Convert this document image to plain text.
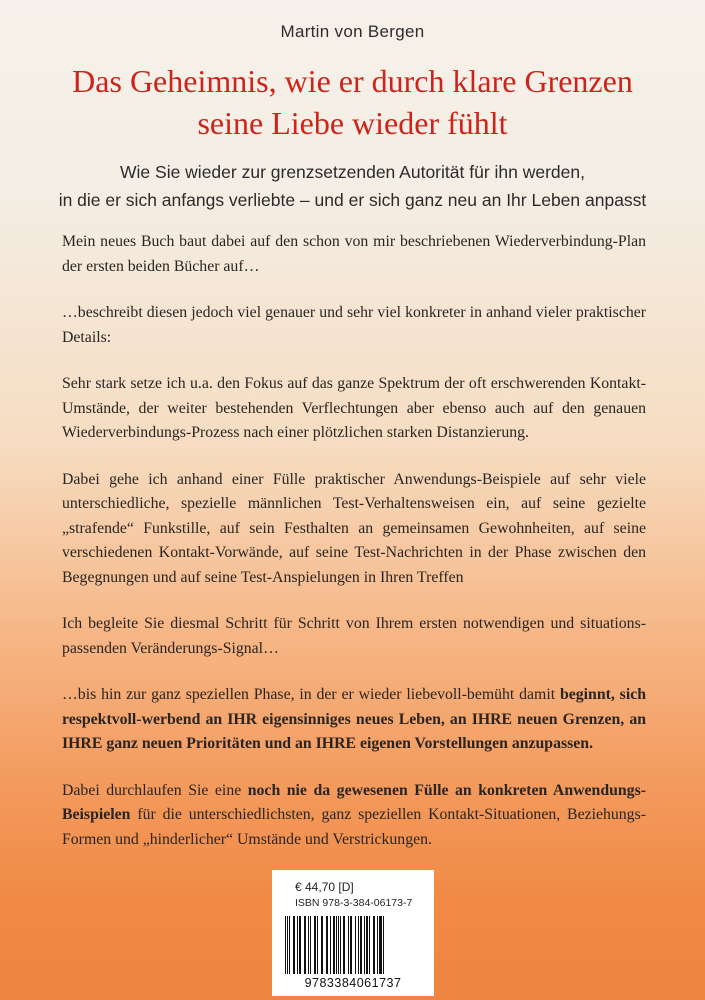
Martin von Bergen
Das Geheimnis, wie er durch klare Grenzen
seine Liebe wieder fühlt
Wie Sie wieder zur grenzsetzenden Autorität für ihn werden,
in die er sich anfangs verliebte – und er sich ganz neu an Ihr Leben anpasst

Mein neues Buch baut dabei auf den schon von mir beschriebenen Wiederverbindung-Plan der ersten beiden Bücher auf…

…beschreibt diesen jedoch viel genauer und sehr viel konkreter in anhand vieler praktischer Details:

Sehr stark setze ich u.a. den Fokus auf das ganze Spektrum der oft erschwerenden Kontakt-Umstände, der weiter bestehenden Verflechtungen aber ebenso auch auf den genauen Wiederverbindungs-Prozess nach einer plötzlichen starken Distanzierung.

Dabei gehe ich anhand einer Fülle praktischer Anwendungs-Beispiele auf sehr viele unterschiedliche, spezielle männlichen Test-Verhaltensweisen ein, auf seine gezielte „strafende“ Funkstille, auf sein Festhalten an gemeinsamen Gewohnheiten, auf seine verschiedenen Kontakt-Vorwände, auf seine Test-Nachrichten in der Phase zwischen den Begegnungen und auf seine Test-Anspielungen in Ihren Treffen

Ich begleite Sie diesmal Schritt für Schritt von Ihrem ersten notwendigen und situations- passenden Veränderungs-Signal…

…bis hin zur ganz speziellen Phase, in der er wieder liebevoll-bemüht damit beginnt, sich respektvoll-werbend an IHR eigensinniges neues Leben, an IHRE neuen Grenzen, an IHRE ganz neuen Prioritäten und an IHRE eigenen Vorstellungen anzupassen.

Dabei durchlaufen Sie eine noch nie da gewesenen Fülle an konkreten Anwendungs-Beispielen für die unterschiedlichsten, ganz speziellen Kontakt-Situationen, Beziehungs-Formen und „hinderlicher“ Umstände und Verstrickungen.

€ 44,70 [D]
ISBN 978-3-384-06173-7
9783384061737
